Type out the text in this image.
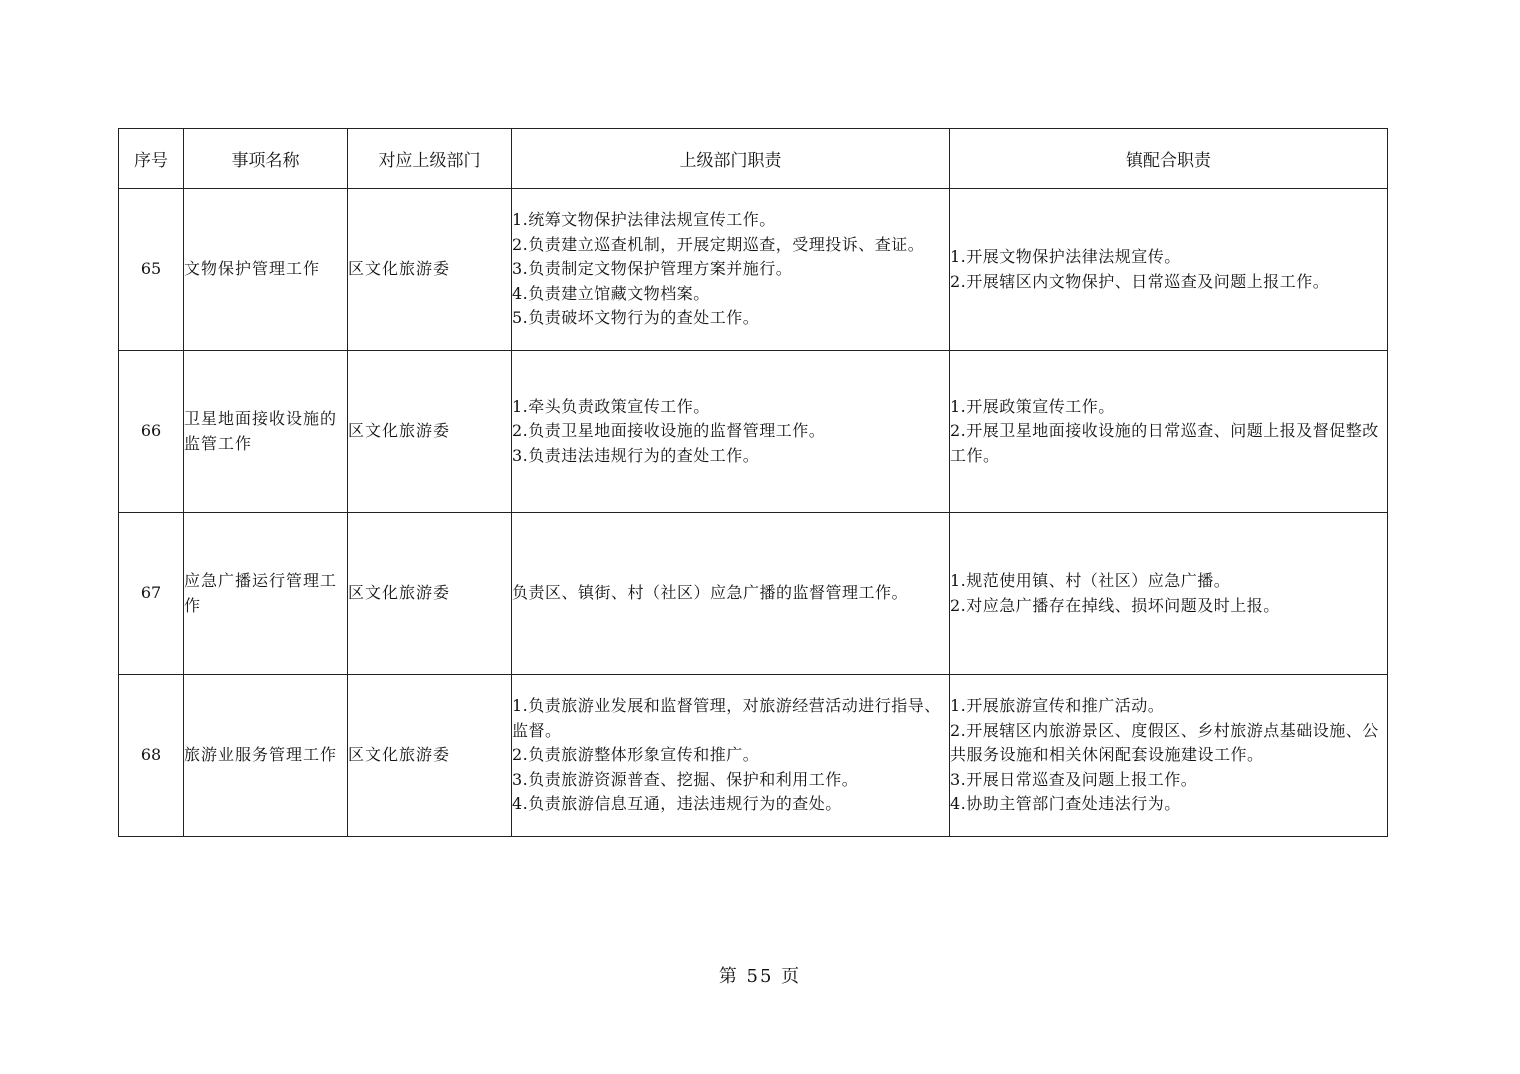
序号	事项名称	对应上级部门	上级部门职责	镇配合职责
65	文物保护管理工作	区文化旅游委	1.统筹文物保护法律法规宣传工作。
2.负责建立巡查机制，开展定期巡查，受理投诉、查证。
3.负责制定文物保护管理方案并施行。
4.负责建立馆藏文物档案。
5.负责破坏文物行为的查处工作。	1.开展文物保护法律法规宣传。
2.开展辖区内文物保护、日常巡查及问题上报工作。

66	卫星地面接收设施的监管工作	区文化旅游委	1.牵头负责政策宣传工作。
2.负责卫星地面接收设施的监督管理工作。
3.负责违法违规行为的查处工作。	1.开展政策宣传工作。
2.开展卫星地面接收设施的日常巡查、问题上报及督促整改工作。

67	应急广播运行管理工作	区文化旅游委	负责区、镇街、村（社区）应急广播的监督管理工作。	1.规范使用镇、村（社区）应急广播。
2.对应急广播存在掉线、损坏问题及时上报。

68	旅游业服务管理工作	区文化旅游委	1.负责旅游业发展和监督管理，对旅游经营活动进行指导、监督。
2.负责旅游整体形象宣传和推广。
3.负责旅游资源普查、挖掘、保护和利用工作。
4.负责旅游信息互通，违法违规行为的查处。	1.开展旅游宣传和推广活动。
2.开展辖区内旅游景区、度假区、乡村旅游点基础设施、公共服务设施和相关休闲配套设施建设工作。
3.开展日常巡查及问题上报工作。
4.协助主管部门查处违法行为。
第 55 页
